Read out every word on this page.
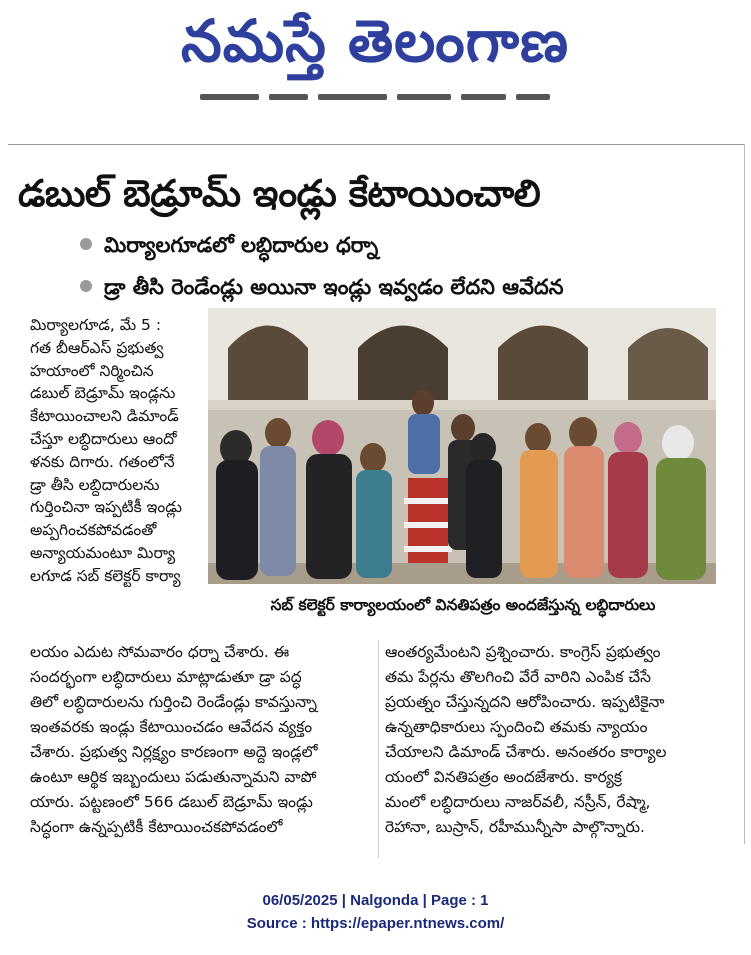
నమస్తే తెలంగాణ
డబుల్ బెడ్రూమ్ ఇండ్లు కేటాయించాలి
మిర్యాలగూడలో లబ్ధిదారుల ధర్నా
డ్రా తీసి రెండేండ్లు అయినా ఇండ్లు ఇవ్వడం లేదని ఆవేదన
మిర్యాలగూడ, మే 5 :
గత బీఆర్ఎస్ ప్రభుత్వ
హయాంలో నిర్మించిన
డబుల్ బెడ్రూమ్ ఇండ్లను
కేటాయించాలని డిమాండ్
చేస్తూ లబ్ధిదారులు ఆందో
ళనకు దిగారు. గతంలోనే
డ్రా తీసి లబ్ధిదారులను
గుర్తించినా ఇప్పటికీ ఇండ్లు
అప్పగించకపోవడంతో
అన్యాయమంటూ మిర్యా
లగూడ సబ్ కలెక్టర్ కార్యా
సబ్ కలెక్టర్ కార్యాలయంలో వినతిపత్రం అందజేస్తున్న లబ్ధిదారులు
లయం ఎదుట సోమవారం ధర్నా చేశారు. ఈ
సందర్భంగా లబ్ధిదారులు మాట్లాడుతూ డ్రా పద్ధ
తిలో లబ్ధిదారులను గుర్తించి రెండేండ్లు కావస్తున్నా
ఇంతవరకు ఇండ్లు కేటాయించడం ఆవేదన వ్యక్తం
చేశారు. ప్రభుత్వ నిర్లక్ష్యం కారణంగా అద్దె ఇండ్లలో
ఉంటూ ఆర్థిక ఇబ్బందులు పడుతున్నామని వాపో
యారు. పట్టణంలో 566 డబుల్ బెడ్రూమ్ ఇండ్లు
సిద్ధంగా ఉన్నప్పటికీ కేటాయించకపోవడంలో
ఆంతర్యమేంటని ప్రశ్నించారు. కాంగ్రెస్ ప్రభుత్వం
తమ పేర్లను తొలగించి వేరే వారిని ఎంపిక చేసే
ప్రయత్నం చేస్తున్నదని ఆరోపించారు. ఇప్పటికైనా
ఉన్నతాధికారులు స్పందించి తమకు న్యాయం
చేయాలని డిమాండ్ చేశారు. అనంతరం కార్యాల
యంలో వినతిపత్రం అందజేశారు. కార్యక్ర
మంలో లబ్ధిదారులు నాజర్‌వలీ, నస్రీన్, రేష్మా,
రెహానా, బుస్రాన్, రహీమున్నీసా పాల్గొన్నారు.
06/05/2025 | Nalgonda | Page : 1
Source : https://epaper.ntnews.com/
